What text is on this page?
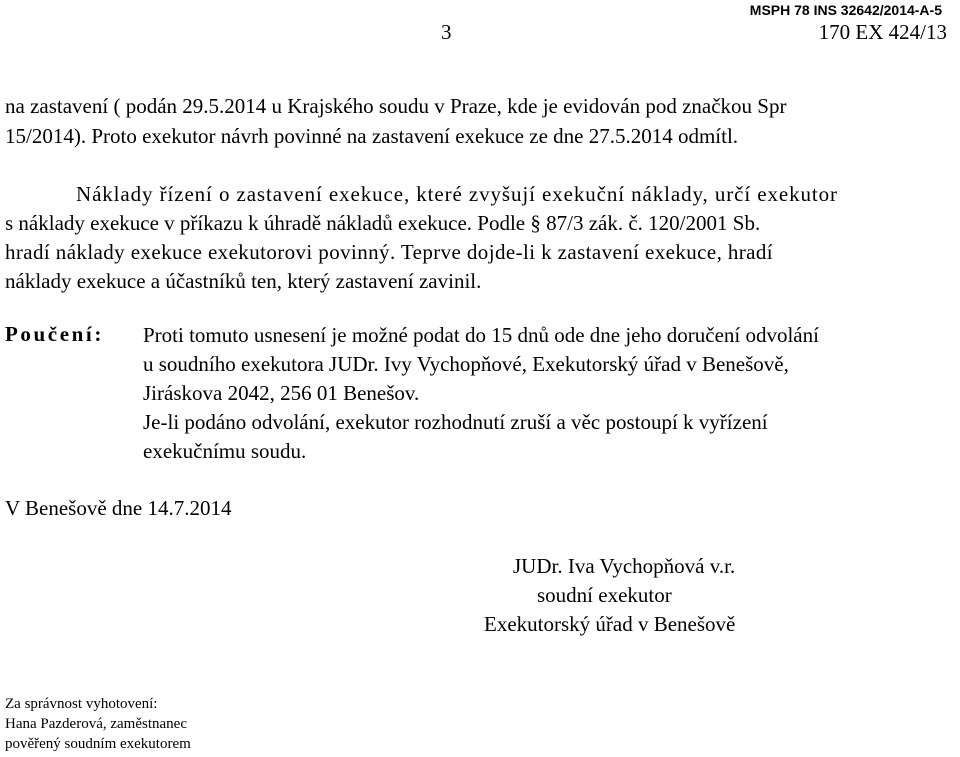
MSPH 78 INS 32642/2014-A-5
3	170 EX 424/13
na zastavení ( podán 29.5.2014 u Krajského soudu v Praze, kde je evidován pod značkou Spr
15/2014). Proto exekutor návrh povinné na zastavení exekuce ze dne 27.5.2014 odmítl.
Náklady řízení o zastavení exekuce, které zvyšují exekuční náklady, určí exekutor
s náklady exekuce v příkazu k úhradě nákladů exekuce. Podle § 87/3 zák. č. 120/2001 Sb.
hradí náklady exekuce exekutorovi povinný. Teprve dojde-li k zastavení exekuce, hradí
náklady exekuce a účastníků ten, který zastavení zavinil.
Poučení: Proti tomuto usnesení je možné podat do 15 dnů ode dne jeho doručení odvolání
u soudního exekutora JUDr. Ivy Vychopňové, Exekutorský úřad v Benešově,
Jiráskova 2042, 256 01 Benešov.
Je-li podáno odvolání, exekutor rozhodnutí zruší a věc postoupí k vyřízení
exekučnímu soudu.
V Benešově dne 14.7.2014
JUDr. Iva Vychopňová v.r.
soudní exekutor
Exekutorský úřad v Benešově
Za správnost vyhotovení:
Hana Pazderová, zaměstnanec
pověřený soudním exekutorem
